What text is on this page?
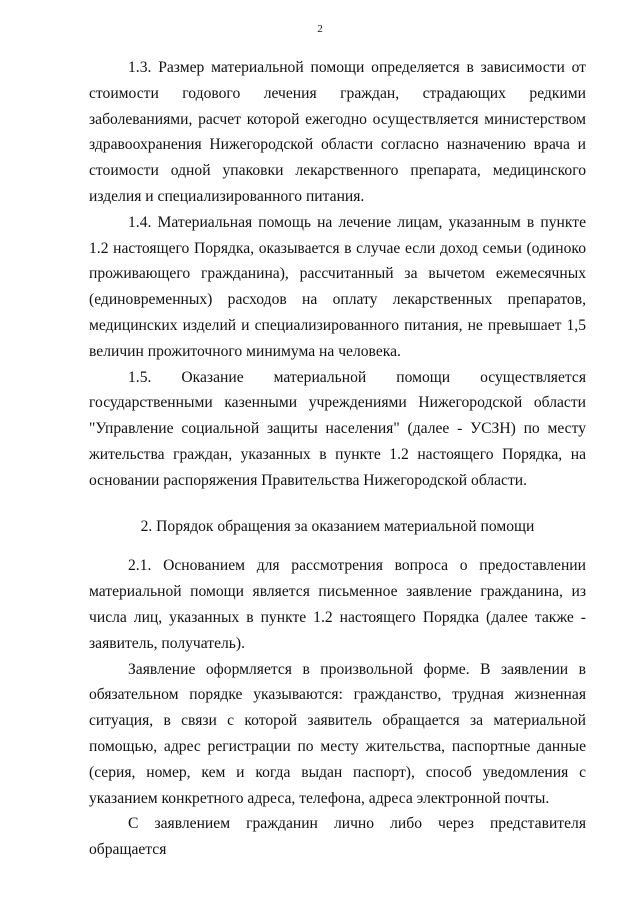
2

1.3. Размер материальной помощи определяется в зависимости от стоимости годового лечения граждан, страдающих редкими заболеваниями, расчет которой ежегодно осуществляется министерством здравоохранения Нижегородской области согласно назначению врача и стоимости одной упаковки лекарственного препарата, медицинского изделия и специализированного питания.

1.4. Материальная помощь на лечение лицам, указанным в пункте 1.2 настоящего Порядка, оказывается в случае если доход семьи (одиноко проживающего гражданина), рассчитанный за вычетом ежемесячных (единовременных) расходов на оплату лекарственных препаратов, медицинских изделий и специализированного питания, не превышает 1,5 величин прожиточного минимума на человека.

1.5. Оказание материальной помощи осуществляется государственными казенными учреждениями Нижегородской области "Управление социальной защиты населения" (далее - УСЗН) по месту жительства граждан, указанных в пункте 1.2 настоящего Порядка, на основании распоряжения Правительства Нижегородской области.

2. Порядок обращения за оказанием материальной помощи

2.1. Основанием для рассмотрения вопроса о предоставлении материальной помощи является письменное заявление гражданина, из числа лиц, указанных в пункте 1.2 настоящего Порядка (далее также - заявитель, получатель).

Заявление оформляется в произвольной форме. В заявлении в обязательном порядке указываются: гражданство, трудная жизненная ситуация, в связи с которой заявитель обращается за материальной помощью, адрес регистрации по месту жительства, паспортные данные (серия, номер, кем и когда выдан паспорт), способ уведомления с указанием конкретного адреса, телефона, адреса электронной почты.

С заявлением гражданин лично либо через представителя обращается
